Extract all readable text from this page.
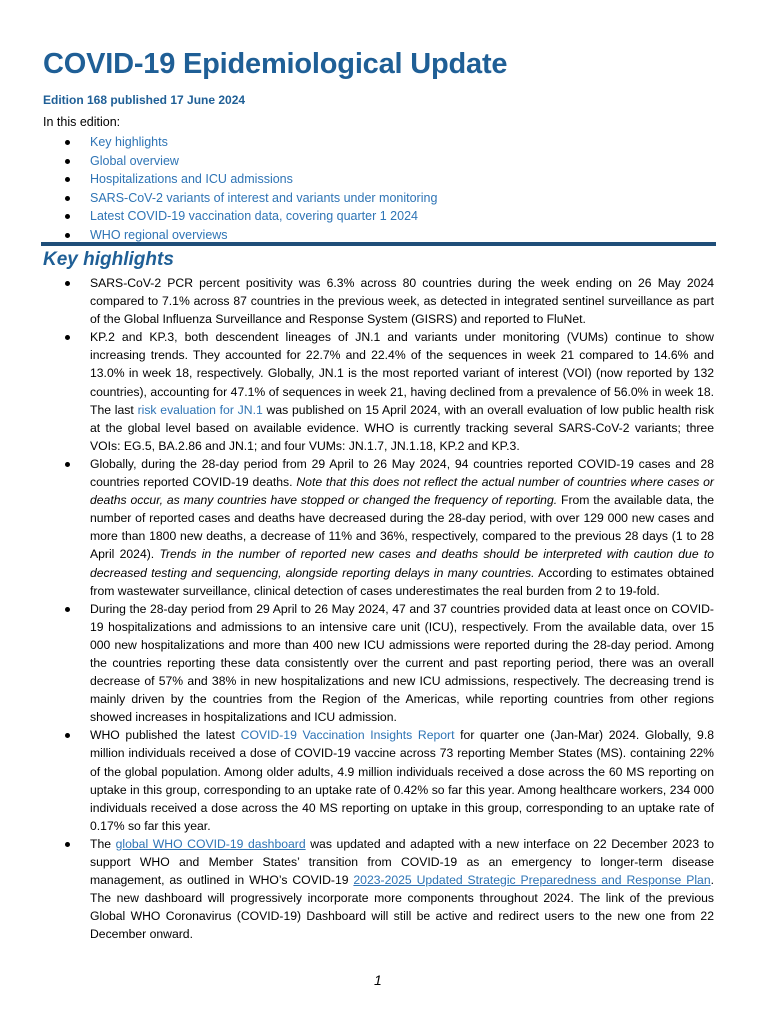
COVID-19 Epidemiological Update

Edition 168 published 17 June 2024

In this edition:

Key highlights
Global overview
Hospitalizations and ICU admissions
SARS-CoV-2 variants of interest and variants under monitoring
Latest COVID-19 vaccination data, covering quarter 1 2024
WHO regional overviews
Key highlights
SARS-CoV-2 PCR percent positivity was 6.3% across 80 countries during the week ending on 26 May 2024 compared to 7.1% across 87 countries in the previous week, as detected in integrated sentinel surveillance as part of the Global Influenza Surveillance and Response System (GISRS) and reported to FluNet.
KP.2 and KP.3, both descendent lineages of JN.1 and variants under monitoring (VUMs) continue to show increasing trends. They accounted for 22.7% and 22.4% of the sequences in week 21 compared to 14.6% and 13.0% in week 18, respectively. Globally, JN.1 is the most reported variant of interest (VOI) (now reported by 132 countries), accounting for 47.1% of sequences in week 21, having declined from a prevalence of 56.0% in week 18. The last risk evaluation for JN.1 was published on 15 April 2024, with an overall evaluation of low public health risk at the global level based on available evidence. WHO is currently tracking several SARS-CoV-2 variants; three VOIs: EG.5, BA.2.86 and JN.1; and four VUMs: JN.1.7, JN.1.18, KP.2 and KP.3.
Globally, during the 28-day period from 29 April to 26 May 2024, 94 countries reported COVID-19 cases and 28 countries reported COVID-19 deaths. Note that this does not reflect the actual number of countries where cases or deaths occur, as many countries have stopped or changed the frequency of reporting. From the available data, the number of reported cases and deaths have decreased during the 28-day period, with over 129 000 new cases and more than 1800 new deaths, a decrease of 11% and 36%, respectively, compared to the previous 28 days (1 to 28 April 2024). Trends in the number of reported new cases and deaths should be interpreted with caution due to decreased testing and sequencing, alongside reporting delays in many countries. According to estimates obtained from wastewater surveillance, clinical detection of cases underestimates the real burden from 2 to 19-fold.
During the 28-day period from 29 April to 26 May 2024, 47 and 37 countries provided data at least once on COVID-19 hospitalizations and admissions to an intensive care unit (ICU), respectively. From the available data, over 15 000 new hospitalizations and more than 400 new ICU admissions were reported during the 28-day period. Among the countries reporting these data consistently over the current and past reporting period, there was an overall decrease of 57% and 38% in new hospitalizations and new ICU admissions, respectively. The decreasing trend is mainly driven by the countries from the Region of the Americas, while reporting countries from other regions showed increases in hospitalizations and ICU admission.
WHO published the latest COVID-19 Vaccination Insights Report for quarter one (Jan-Mar) 2024. Globally, 9.8 million individuals received a dose of COVID-19 vaccine across 73 reporting Member States (MS). containing 22% of the global population. Among older adults, 4.9 million individuals received a dose across the 60 MS reporting on uptake in this group, corresponding to an uptake rate of 0.42% so far this year. Among healthcare workers, 234 000 individuals received a dose across the 40 MS reporting on uptake in this group, corresponding to an uptake rate of 0.17% so far this year.
The global WHO COVID-19 dashboard was updated and adapted with a new interface on 22 December 2023 to support WHO and Member States’ transition from COVID-19 as an emergency to longer-term disease management, as outlined in WHO’s COVID-19 2023-2025 Updated Strategic Preparedness and Response Plan. The new dashboard will progressively incorporate more components throughout 2024. The link of the previous Global WHO Coronavirus (COVID-19) Dashboard will still be active and redirect users to the new one from 22 December onward.

1
